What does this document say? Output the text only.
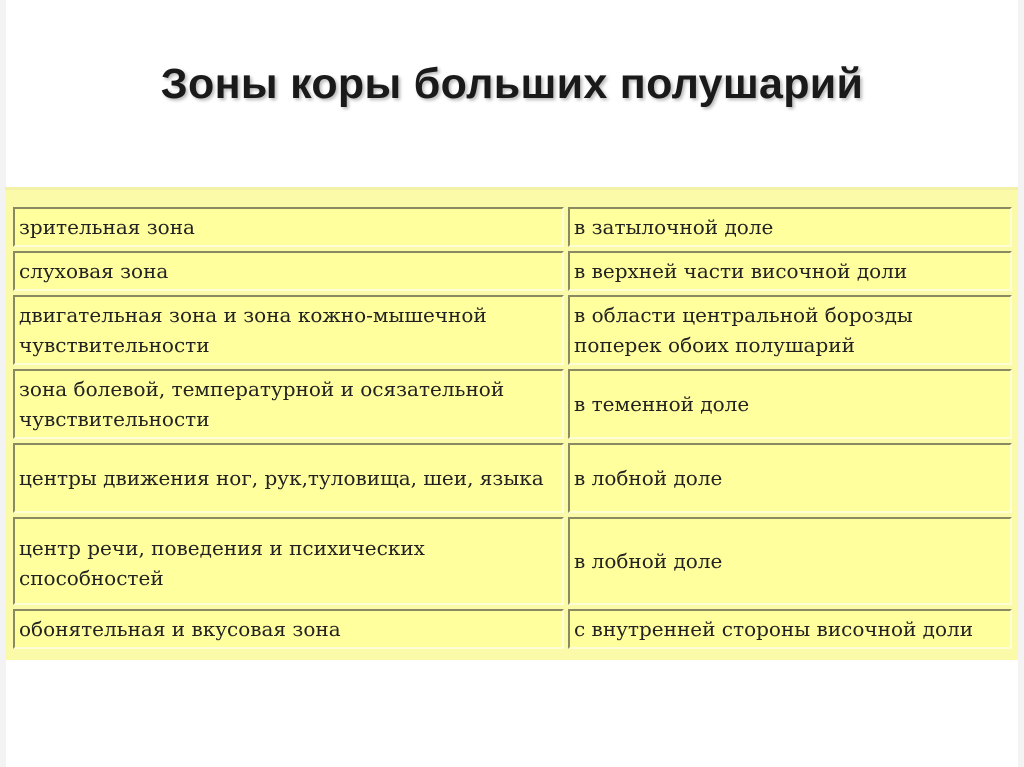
Зоны коры больших полушарий
зрительная зона	в затылочной доле
слуховая зона	в верхней части височной доли
двигательная зона и зона кожно-мышечной чувствительности	в области центральной борозды поперек обоих полушарий
зона болевой, температурной и осязательной чувствительности	в теменной доле
центры движения ног, рук,туловища, шеи, языка	в лобной доле
центр речи, поведения и психических способностей	в лобной доле
обонятельная и вкусовая зона	с внутренней стороны височной доли
